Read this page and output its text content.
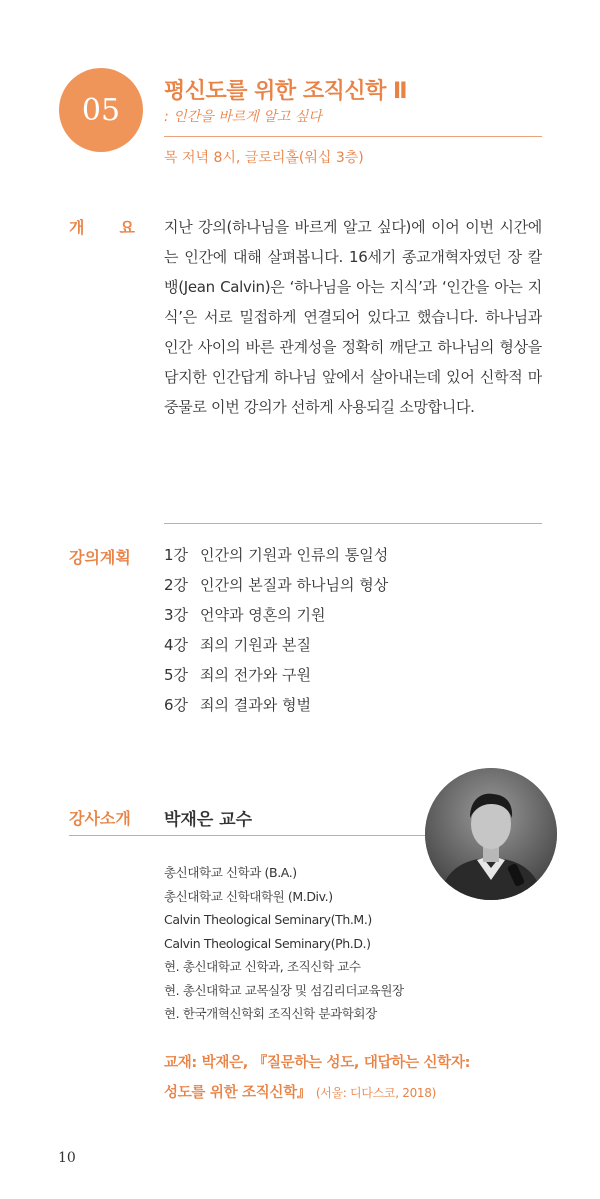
05
평신도를 위한 조직신학 Ⅱ
: 인간을 바르게 알고 싶다
목 저녁 8시, 글로리홀(워십 3층)
개 요 지난 강의(하나님을 바르게 알고 싶다)에 이어 이번 시간에는 인간에 대해 살펴봅니다. 16세기 종교개혁자였던 장 칼뱅(Jean Calvin)은 ‘하나님을 아는 지식’과 ‘인간을 아는 지식’은 서로 밀접하게 연결되어 있다고 했습니다. 하나님과 인간 사이의 바른 관계성을 정확히 깨닫고 하나님의 형상을 담지한 인간답게 하나님 앞에서 살아내는데 있어 신학적 마중물로 이번 강의가 선하게 사용되길 소망합니다.
강의계획 1강 인간의 기원과 인류의 통일성
2강 인간의 본질과 하나님의 형상
3강 언약과 영혼의 기원
4강 죄의 기원과 본질
5강 죄의 전가와 구원
6강 죄의 결과와 형벌
강사소개 박재은 교수
총신대학교 신학과 (B.A.)
총신대학교 신학대학원 (M.Div.)
Calvin Theological Seminary(Th.M.)
Calvin Theological Seminary(Ph.D.)
현. 총신대학교 신학과, 조직신학 교수
현. 총신대학교 교목실장 및 섬김리더교육원장
현. 한국개혁신학회 조직신학 분과학회장
교재: 박재은, 『질문하는 성도, 대답하는 신학자:
성도를 위한 조직신학』 (서울: 디다스코, 2018)
10
